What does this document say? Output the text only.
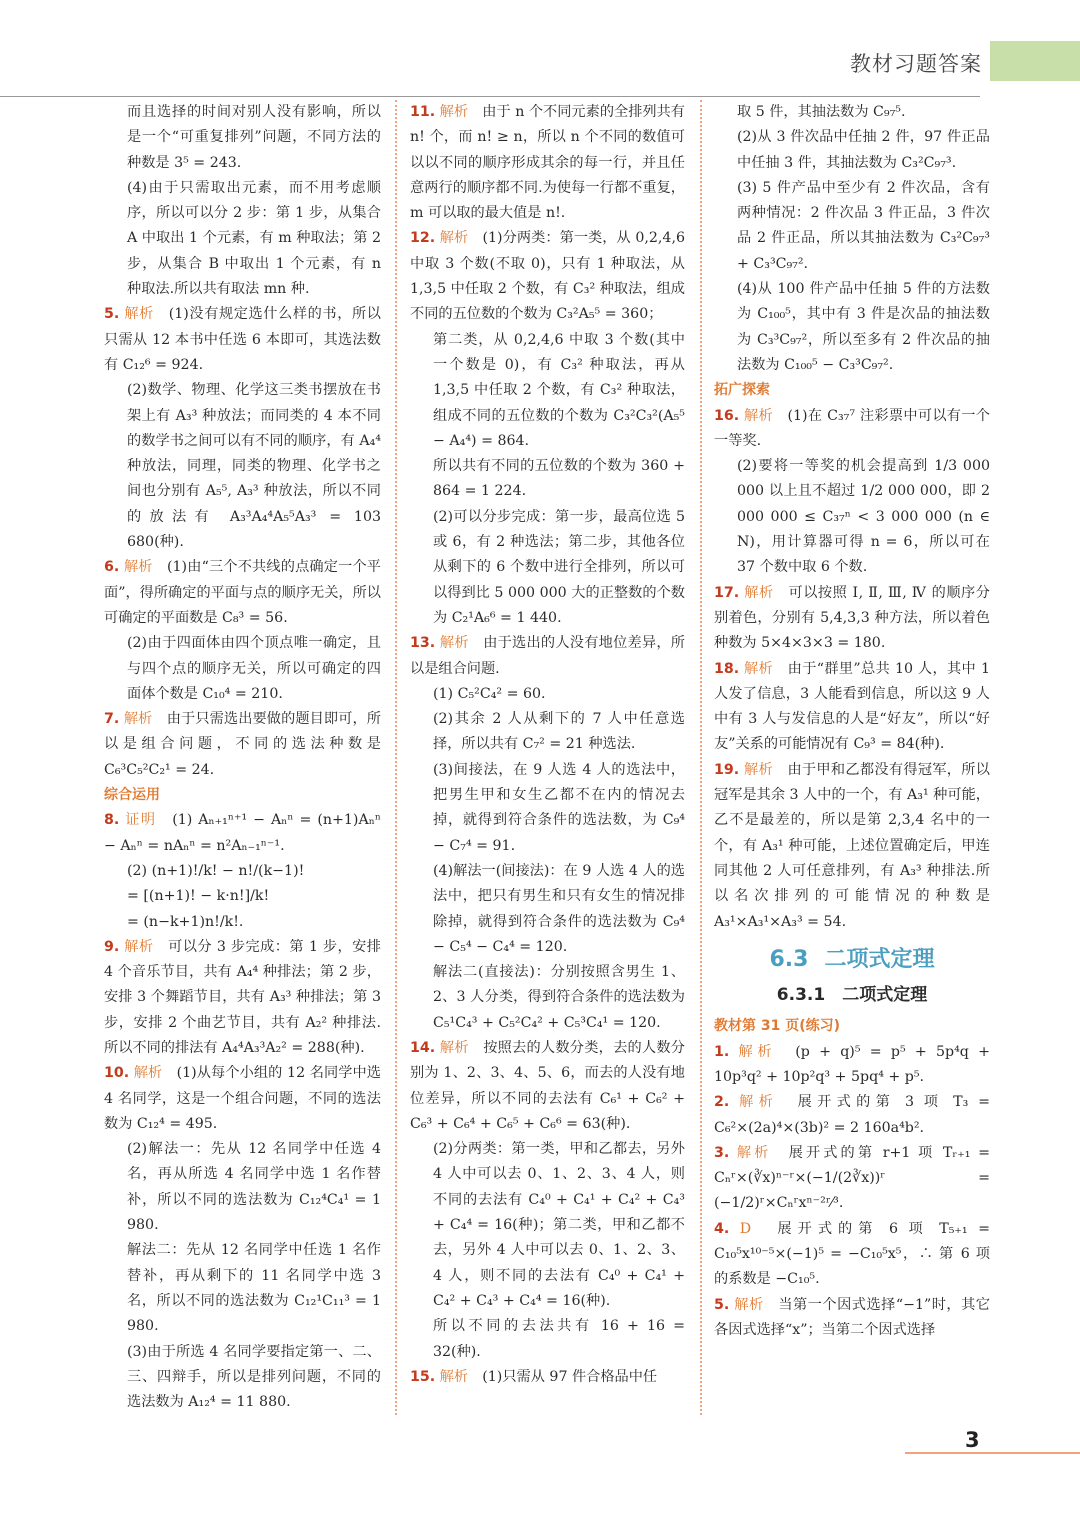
教材习题答案

而且选择的时间对别人没有影响，所以是一个“可重复排列”问题，不同方法的种数是 3⁵ = 243.

(4)由于只需取出元素，而不用考虑顺序，所以可以分 2 步：第 1 步，从集合 A 中取出 1 个元素，有 m 种取法；第 2 步，从集合 B 中取出 1 个元素，有 n 种取法.所以共有取法 mn 种.

5. 解析　 (1)没有规定选什么样的书，所以只需从 12 本书中任选 6 本即可，其选法数有 C₁₂⁶ = 924.

(2)数学、物理、化学这三类书摆放在书架上有 A₃³ 种放法；而同类的 4 本不同的数学书之间可以有不同的顺序，有 A₄⁴ 种放法，同理，同类的物理、化学书之间也分别有 A₅⁵, A₃³ 种放法，所以不同的放法有 A₃³A₄⁴A₅⁵A₃³ = 103 680(种).

6. 解析　 (1)由“三个不共线的点确定一个平面”，得所确定的平面与点的顺序无关，所以可确定的平面数是 C₈³ = 56.

(2)由于四面体由四个顶点唯一确定，且与四个点的顺序无关，所以可确定的四面体个数是 C₁₀⁴ = 210.

7. 解析　 由于只需选出要做的题目即可，所以是组合问题，不同的选法种数是 C₆³C₅²C₂¹ = 24.

综合运用

8. 证明　 (1) Aₙ₊₁ⁿ⁺¹ − Aₙⁿ = (n+1)Aₙⁿ − Aₙⁿ = nAₙⁿ = n²Aₙ₋₁ⁿ⁻¹.

(2) (n+1)!/k! − n!/(k−1)!

= [(n+1)! − k·n!]/k!

= (n−k+1)n!/k!.

9. 解析　 可以分 3 步完成：第 1 步，安排 4 个音乐节目，共有 A₄⁴ 种排法；第 2 步，安排 3 个舞蹈节目，共有 A₃³ 种排法；第 3 步，安排 2 个曲艺节目，共有 A₂² 种排法.所以不同的排法有 A₄⁴A₃³A₂² = 288(种).

10. 解析　 (1)从每个小组的 12 名同学中选 4 名同学，这是一个组合问题，不同的选法数为 C₁₂⁴ = 495.

(2)解法一：先从 12 名同学中任选 4 名，再从所选 4 名同学中选 1 名作替补，所以不同的选法数为 C₁₂⁴C₄¹ = 1 980.

解法二：先从 12 名同学中任选 1 名作替补，再从剩下的 11 名同学中选 3 名，所以不同的选法数为 C₁₂¹C₁₁³ = 1 980.

(3)由于所选 4 名同学要指定第一、二、三、四辩手，所以是排列问题，不同的选法数为 A₁₂⁴ = 11 880.

11. 解析　 由于 n 个不同元素的全排列共有 n! 个，而 n! ≥ n，所以 n 个不同的数值可以以不同的顺序形成其余的每一行，并且任意两行的顺序都不同.为使每一行都不重复，m 可以取的最大值是 n!.

12. 解析　 (1)分两类：第一类，从 0,2,4,6 中取 3 个数(不取 0)，只有 1 种取法，从 1,3,5 中任取 2 个数，有 C₃² 种取法，组成不同的五位数的个数为 C₃²A₅⁵ = 360；

第二类，从 0,2,4,6 中取 3 个数(其中一个数是 0)，有 C₃² 种取法，再从 1,3,5 中任取 2 个数，有 C₃² 种取法，组成不同的五位数的个数为 C₃²C₃²(A₅⁵ − A₄⁴) = 864.

所以共有不同的五位数的个数为 360 + 864 = 1 224.

(2)可以分步完成：第一步，最高位选 5 或 6，有 2 种选法；第二步，其他各位从剩下的 6 个数中进行全排列，所以可以得到比 5 000 000 大的正整数的个数为 C₂¹A₆⁶ = 1 440.

13. 解析　 由于选出的人没有地位差异，所以是组合问题.

(1) C₅²C₄² = 60.

(2)其余 2 人从剩下的 7 人中任意选择，所以共有 C₇² = 21 种选法.

(3)间接法，在 9 人选 4 人的选法中，把男生甲和女生乙都不在内的情况去掉，就得到符合条件的选法数，为 C₉⁴ − C₇⁴ = 91.

(4)解法一(间接法)：在 9 人选 4 人的选法中，把只有男生和只有女生的情况排除掉，就得到符合条件的选法数为 C₉⁴ − C₅⁴ − C₄⁴ = 120.

解法二(直接法)：分别按照含男生 1、2、3 人分类，得到符合条件的选法数为 C₅¹C₄³ + C₅²C₄² + C₅³C₄¹ = 120.

14. 解析　 按照去的人数分类，去的人数分别为 1、2、3、4、5、6，而去的人没有地位差异，所以不同的去法有 C₆¹ + C₆² + C₆³ + C₆⁴ + C₆⁵ + C₆⁶ = 63(种).

(2)分两类：第一类，甲和乙都去，另外 4 人中可以去 0、1、2、3、4 人，则不同的去法有 C₄⁰ + C₄¹ + C₄² + C₄³ + C₄⁴ = 16(种)；第二类，甲和乙都不去，另外 4 人中可以去 0、1、2、3、4 人，则不同的去法有 C₄⁰ + C₄¹ + C₄² + C₄³ + C₄⁴ = 16(种).

所以不同的去法共有 16 + 16 = 32(种).

15. 解析　 (1)只需从 97 件合格品中任

取 5 件，其抽法数为 C₉₇⁵.

(2)从 3 件次品中任抽 2 件，97 件正品中任抽 3 件，其抽法数为 C₃²C₉₇³.

(3) 5 件产品中至少有 2 件次品，含有两种情况：2 件次品 3 件正品，3 件次品 2 件正品，所以其抽法数为 C₃²C₉₇³ + C₃³C₉₇².

(4)从 100 件产品中任抽 5 件的方法数为 C₁₀₀⁵，其中有 3 件是次品的抽法数为 C₃³C₉₇²，所以至多有 2 件次品的抽法数为 C₁₀₀⁵ − C₃³C₉₇².

拓广探索

16. 解析　 (1)在 C₃₇⁷ 注彩票中可以有一个一等奖.

(2)要将一等奖的机会提高到 1/3 000 000 以上且不超过 1/2 000 000，即 2 000 000 ≤ C₃₇ⁿ < 3 000 000 (n ∈ N)，用计算器可得 n = 6，所以可在 37 个数中取 6 个数.

17. 解析　 可以按照 Ⅰ, Ⅱ, Ⅲ, Ⅳ 的顺序分别着色，分别有 5,4,3,3 种方法，所以着色种数为 5×4×3×3 = 180.

18. 解析　 由于“群里”总共 10 人，其中 1 人发了信息，3 人能看到信息，所以这 9 人中有 3 人与发信息的人是“好友”，所以“好友”关系的可能情况有 C₉³ = 84(种).

19. 解析　 由于甲和乙都没有得冠军，所以冠军是其余 3 人中的一个，有 A₃¹ 种可能，乙不是最差的，所以是第 2,3,4 名中的一个，有 A₃¹ 种可能，上述位置确定后，甲连同其他 2 人可任意排列，有 A₃³ 种排法.所以名次排列的可能情况的种数是 A₃¹×A₃¹×A₃³ = 54.

6.3 二项式定理

6.3.1　二项式定理

教材第 31 页(练习)

1. 解析　 (p + q)⁵ = p⁵ + 5p⁴q + 10p³q² + 10p²q³ + 5pq⁴ + p⁵.

2. 解析　 展开式的第 3 项 T₃ = C₆²×(2a)⁴×(3b)² = 2 160a⁴b².

3. 解析　 展开式的第 r+1 项 Tᵣ₊₁ = Cₙʳ×(∛x)ⁿ⁻ʳ×(−1/(2∛x))ʳ = (−1/2)ʳ×Cₙʳxⁿ⁻²ʳ⁄³.

4. D　 展开式的第 6 项 T₅₊₁ = C₁₀⁵x¹⁰⁻⁵×(−1)⁵ = −C₁₀⁵x⁵，∴ 第 6 项的系数是 −C₁₀⁵.

5. 解析　 当第一个因式选择“−1”时，其它各因式选择“x”；当第二个因式选择

3
